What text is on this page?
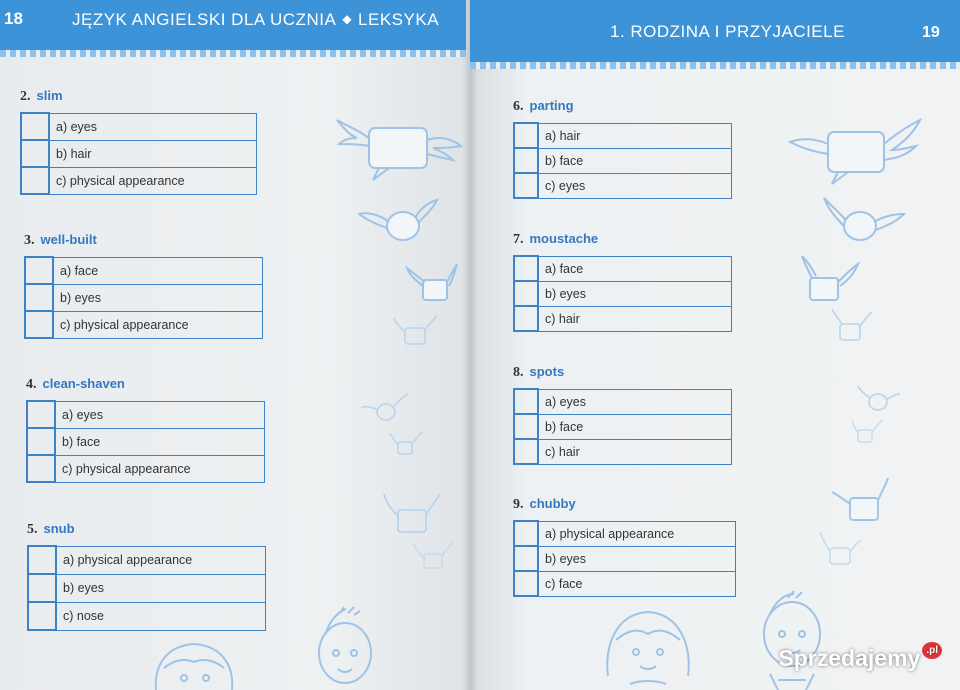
18	JĘZYK ANGIELSKI DLA UCZNIA ◆ LEKSYKA
1. RODZINA I PRZYJACIELE	19
2. slim
	a) eyes
	b) hair
	c) physical appearance
3. well-built
	a) face
	b) eyes
	c) physical appearance
4. clean-shaven
	a) eyes
	b) face
	c) physical appearance
5. snub
	a) physical appearance
	b) eyes
	c) nose
6. parting
	a) hair
	b) face
	c) eyes
7. moustache
	a) face
	b) eyes
	c) hair
8. spots
	a) eyes
	b) face
	c) hair
9. chubby
	a) physical appearance
	b) eyes
	c) face
Sprzedajemy $^{.pl}$
